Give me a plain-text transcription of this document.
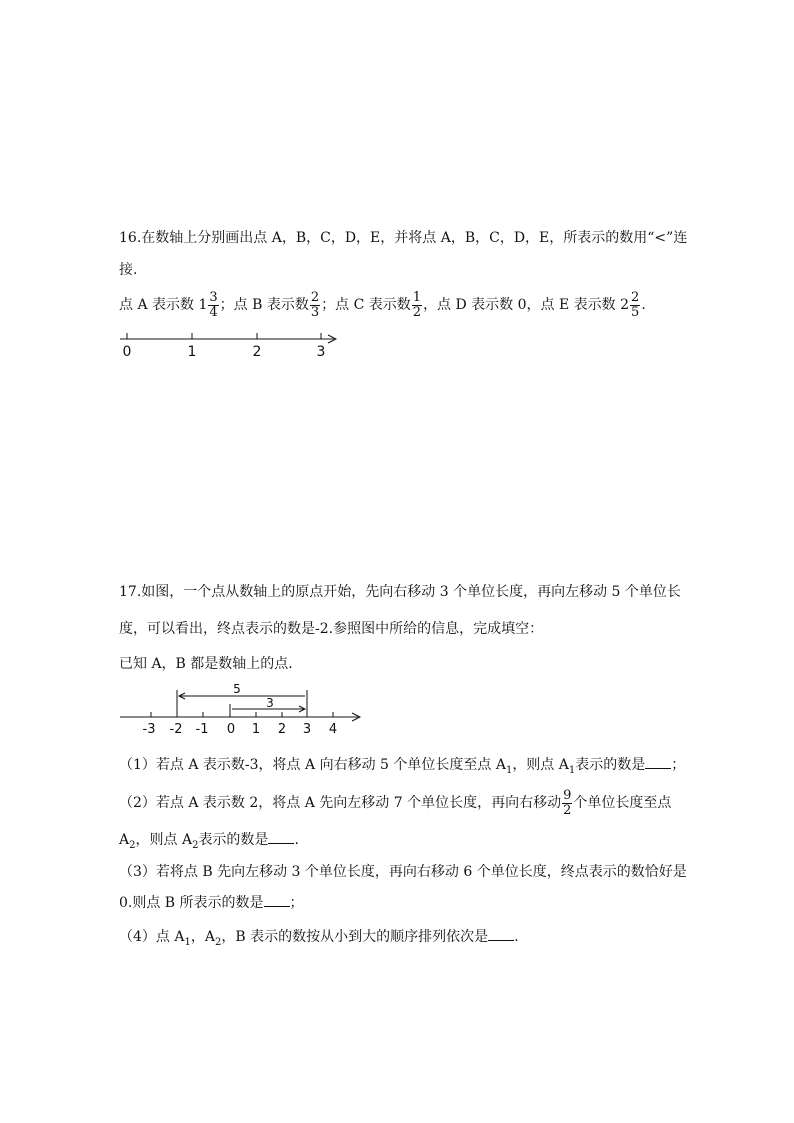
16.在数轴上分别画出点 A，B，C，D，E，并将点 A，B，C，D，E，所表示的数用“<”连
接.
点 A 表示数 $1 \frac{3}{4}$ ；点 B 表示数 $\frac{2}{3}$ ；点 C 表示数 $\frac{1}{2}$ ，点 D 表示数 0，点 E 表示数 $2 \frac{2}{5}$ .
0	1	2	3
-3 -2 -1 0 1 2 3 4
5
3
17.如图，一个点从数轴上的原点开始，先向右移动 3 个单位长度，再向左移动 5 个单位长
度，可以看出，终点表示的数是-2.参照图中所给的信息，完成填空：
已知 A，B 都是数轴上的点.
（1）若点 A 表示数-3，将点 A 向右移动 5 个单位长度至点 $A_1$，则点 $A_1$表示的数是 ；
（2）若点 A 表示数 2，将点 A 先向左移动 7 个单位长度，再向右移动 $\frac{9}{2}$ 个单位长度至点
$A_2$，则点 $A_2$表示的数是 .
（3）若将点 B 先向左移动 3 个单位长度，再向右移动 6 个单位长度，终点表示的数恰好是
0.则点 B 所表示的数是 ；
（4）点 $A_1$，$A_2$，B 表示的数按从小到大的顺序排列依次是 .
